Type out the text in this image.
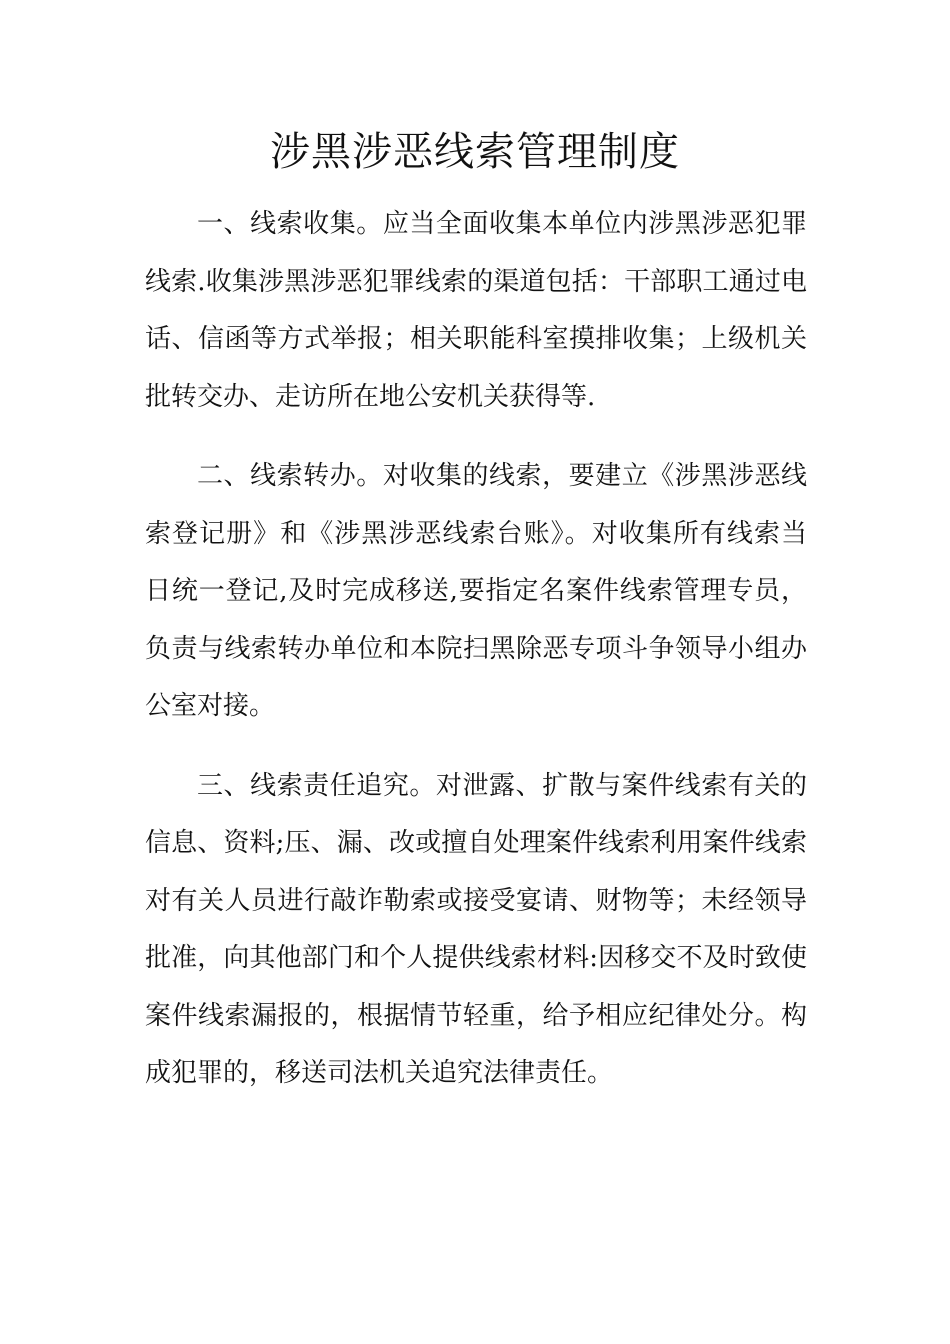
涉黑涉恶线索管理制度

一、线索收集。应当全面收集本单位内涉黑涉恶犯罪线索.收集涉黑涉恶犯罪线索的渠道包括：干部职工通过电话、信函等方式举报；相关职能科室摸排收集；上级机关批转交办、走访所在地公安机关获得等.

二、线索转办。对收集的线索，要建立《涉黑涉恶线索登记册》和《涉黑涉恶线索台账》。对收集所有线索当日统一登记,及时完成移送,要指定名案件线索管理专员，负责与线索转办单位和本院扫黑除恶专项斗争领导小组办公室对接。

三、线索责任追究。对泄露、扩散与案件线索有关的信息、资料;压、漏、改或擅自处理案件线索利用案件线索对有关人员进行敲诈勒索或接受宴请、财物等；未经领导批准，向其他部门和个人提供线索材料:因移交不及时致使案件线索漏报的，根据情节轻重，给予相应纪律处分。构成犯罪的，移送司法机关追究法律责任。
